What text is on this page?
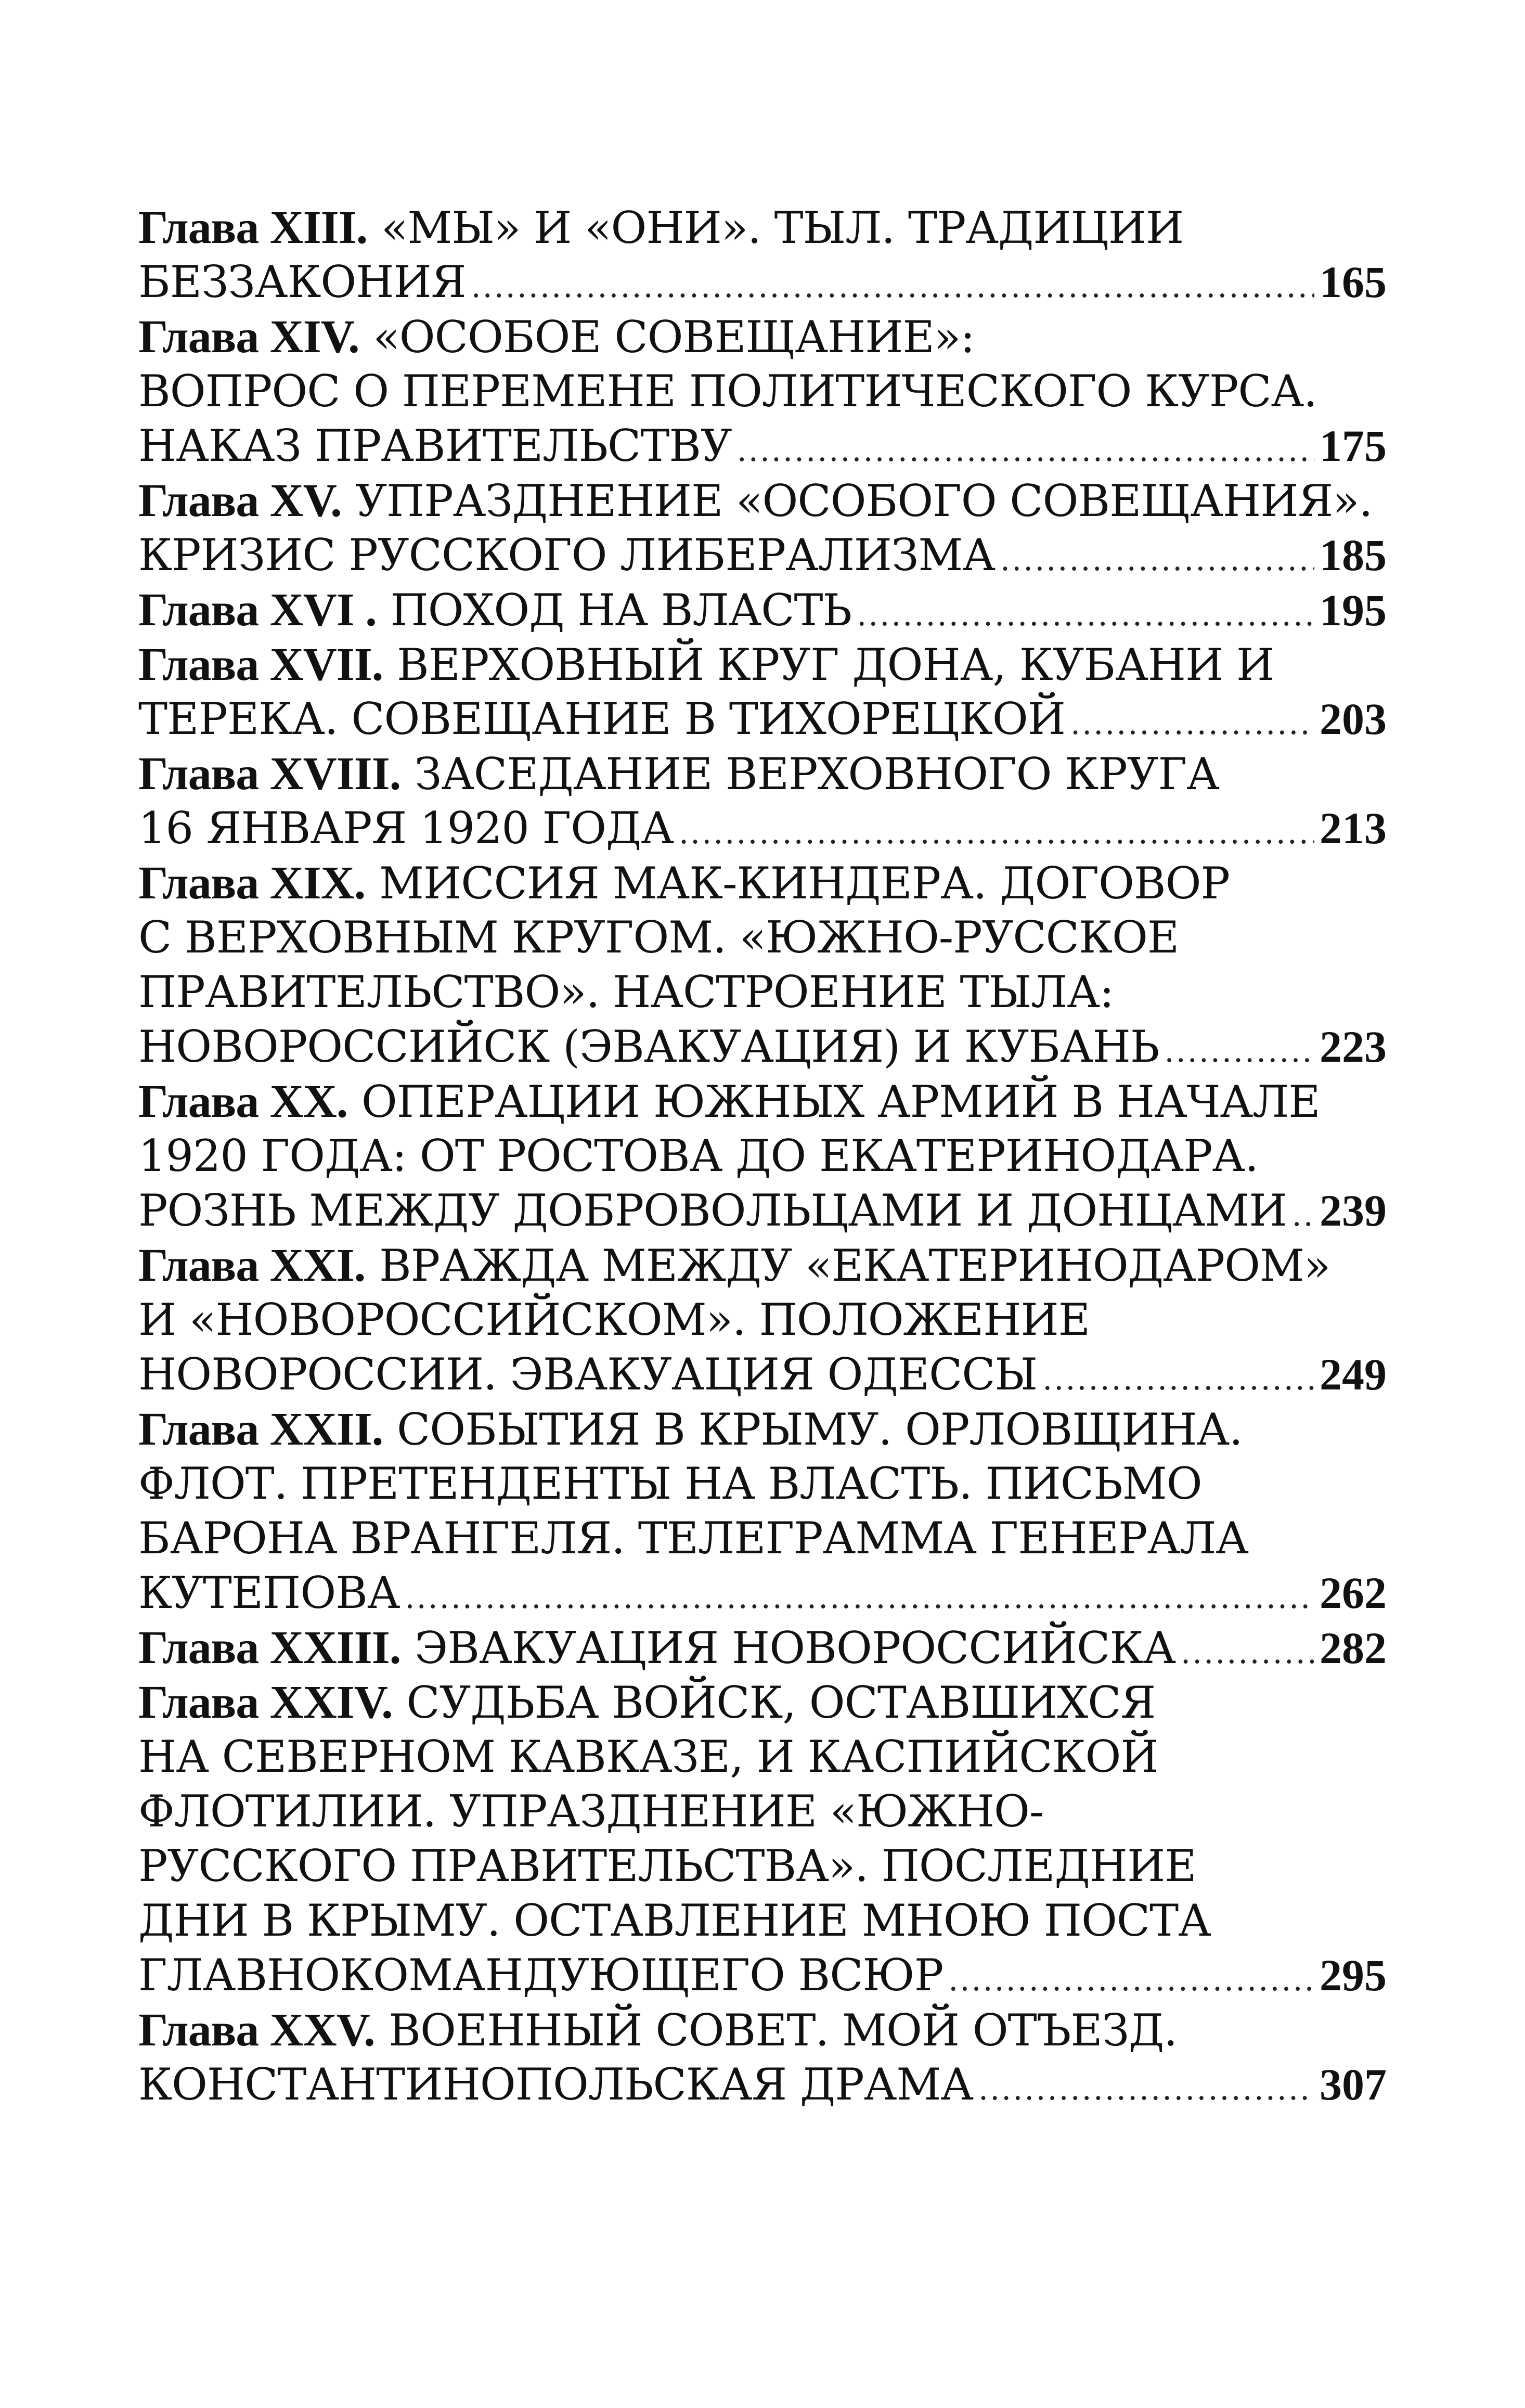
Глава XIII.
«МЫ» И «ОНИ». ТЫЛ. ТРАДИЦИИ
БЕЗЗАКОНИЯ .....	165
Глава XIV.
«ОСОБОЕ СОВЕЩАНИЕ»:
ВОПРОС О ПЕРЕМЕНЕ ПОЛИТИЧЕСКОГО КУРСА.
НАКАЗ ПРАВИТЕЛЬСТВУ .....	175
Глава XV.
УПРАЗДНЕНИЕ «ОСОБОГО СОВЕЩАНИЯ».
КРИЗИС РУССКОГО ЛИБЕРАЛИЗМА .....	185
Глава XVI .
ПОХОД НА ВЛАСТЬ .....	195
Глава XVII.
ВЕРХОВНЫЙ КРУГ ДОНА, КУБАНИ И
ТЕРЕКА. СОВЕЩАНИЕ В ТИХОРЕЦКОЙ .....	203
Глава XVIII.
ЗАСЕДАНИЕ ВЕРХОВНОГО КРУГА
16 ЯНВАРЯ 1920 ГОДА .....	213
Глава XIX.
МИССИЯ МАК-КИНДЕРА. ДОГОВОР
С ВЕРХОВНЫМ КРУГОМ. «ЮЖНО-РУССКОЕ
ПРАВИТЕЛЬСТВО». НАСТРОЕНИЕ ТЫЛА:
НОВОРОССИЙСК (ЭВАКУАЦИЯ) И КУБАНЬ .....	223
Глава XX.
ОПЕРАЦИИ ЮЖНЫХ АРМИЙ В НАЧАЛЕ
1920 ГОДА: ОТ РОСТОВА ДО ЕКАТЕРИНОДАРА.
РОЗНЬ МЕЖДУ ДОБРОВОЛЬЦАМИ И ДОНЦАМИ ..... 239
Глава XXI.
ВРАЖДА МЕЖДУ «ЕКАТЕРИНОДАРОМ»
И «НОВОРОССИЙСКОМ». ПОЛОЖЕНИЕ
НОВОРОССИИ. ЭВАКУАЦИЯ ОДЕССЫ .....	249
Глава XXII.
СОБЫТИЯ В КРЫМУ. ОРЛОВЩИНА.
ФЛОТ. ПРЕТЕНДЕНТЫ НА ВЛАСТЬ. ПИСЬМО
БАРОНА ВРАНГЕЛЯ. ТЕЛЕГРАММА ГЕНЕРАЛА
КУТЕПОВА .....	262
Глава XXIII.
ЭВАКУАЦИЯ НОВОРОССИЙСКА .....	282
Глава XXIV.
СУДЬБА ВОЙСК, ОСТАВШИХСЯ
НА СЕВЕРНОМ КАВКАЗЕ, И КАСПИЙСКОЙ
ФЛОТИЛИИ. УПРАЗДНЕНИЕ «ЮЖНО-
РУССКОГО ПРАВИТЕЛЬСТВА». ПОСЛЕДНИЕ
ДНИ В КРЫМУ. ОСТАВЛЕНИЕ МНОЮ ПОСТА
ГЛАВНОКОМАНДУЮЩЕГО ВСЮР .....	295
Глава XXV.
ВОЕННЫЙ СОВЕТ. МОЙ ОТЪЕЗД.
КОНСТАНТИНОПОЛЬСКАЯ ДРАМА .....	307
